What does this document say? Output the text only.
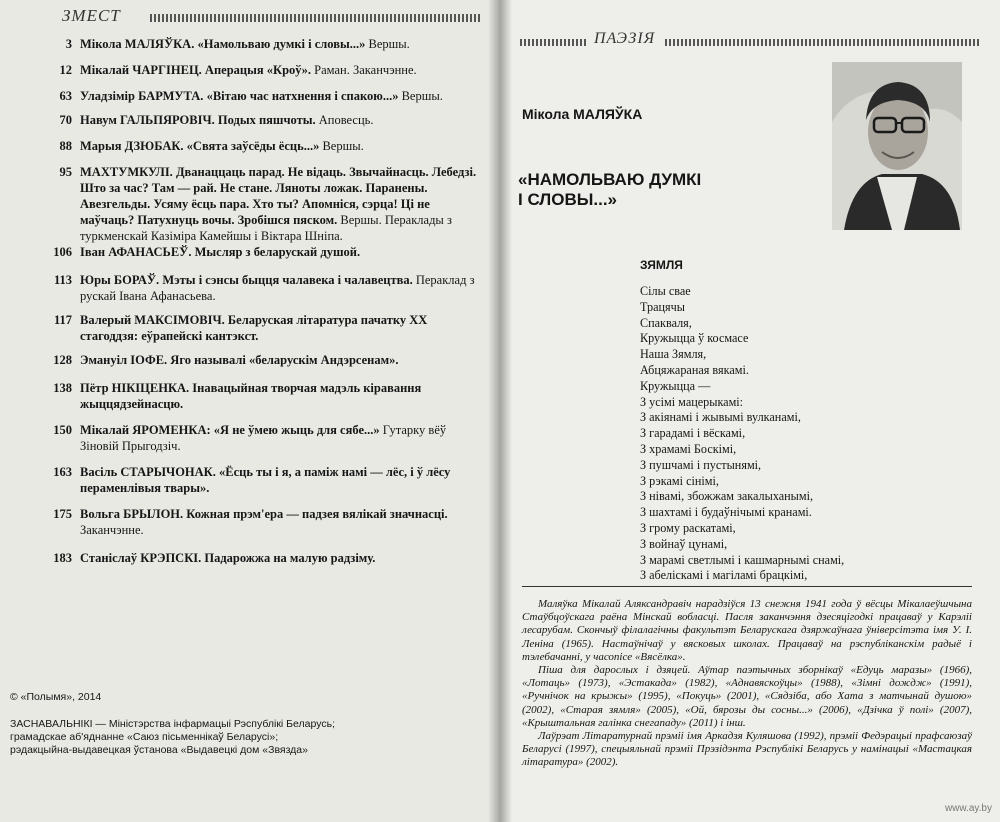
ЗМЕСТ
3 Мікола МАЛЯЎКА. «Намольваю думкі і словы...» Вершы.
12 Мікалай ЧАРГІНЕЦ. Аперацыя «Кроў». Раман. Заканчэнне.
63 Уладзімір БАРМУТА. «Вітаю час натхнення і спакою...» Вершы.
70 Навум ГАЛЬПЯРОВІЧ. Подых пяшчоты. Аповесць.
88 Марыя ДЗЮБАК. «Свята заўсёды ёсць...» Вершы.
95 МАХТУМКУЛІ. Дванаццаць парад. Не відаць. Звычайнасць. Лебедзі. Што за час? Там — рай. Не стане. Ляноты ложак. Паранены. Авезгельды. Усяму ёсць пара. Хто ты? Апомніся, сэрца! Ці не маўчаць? Патухнуць вочы. Зробішся пяском. Вершы. Пераклады з туркменскай Казіміра Камейшы і Віктара Шніпа.
106 Іван АФАНАСЬЕЎ. Мысляр з беларускай душой.
113 Юры БОРАЎ. Мэты і сэнсы быцця чалавека і чалавецтва. Пераклад з рускай Івана Афанасьева.
117 Валерый МАКСІМОВІЧ. Беларуская літаратура пачатку XX стагоддзя: еўрапейскі кантэкст.
128 Эмануіл ІОФЕ. Яго называлі «беларускім Андэрсенам».
138 Пётр НІКІЦЕНКА. Інавацыйная творчая мадэль кіравання жыццядзейнасцю.
150 Мікалай ЯРОМЕНКА: «Я не ўмею жыць для сябе...» Гутарку вёў Зіновій Прыгодзіч.
163 Васіль СТАРЫЧОНАК. «Ёсць ты і я, а паміж намі — лёс, і ў лёсу пераменлівыя твары».
175 Вольга БРЫЛОН. Кожная прэм'ера — падзея вялікай значнасці. Заканчэнне.
183 Станіслаў КРЭПСКІ. Падарожжа на малую радзіму.
© «Полымя», 2014
ЗАСНАВАЛЬНІКІ — Міністэрства інфармацыі Рэспублікі Беларусь;
грамадскае аб'яднанне «Саюз пісьменнікаў Беларусі»;
рэдакцыйна-выдавецкая ўстанова «Выдавецкі дом «Звязда»
ПАЭЗІЯ
Мікола МАЛЯЎКА
«НАМОЛЬВАЮ ДУМКІ
І СЛОВЫ...»
ЗЯМЛЯ
Сілы свае
Трацячы
Спакваля,
Кружыцца ў космасе
Наша Зямля,
Абцяжараная вякамі.
Кружыцца —
З усімі мацерыкамі:
З акіянамі і жывымі вулканамі,
З гарадамі і вёскамі,
З храмамі Боскімі,
З пушчамі і пустынямі,
З рэкамі сінімі,
З нівамі, збожжам закалыханымі,
З шахтамі і будаўнічымі кранамі.
З грому раскатамі,
З войнаў цунамі,
З марамі светлымі і кашмарнымі снамі,
З абеліскамі і магіламі брацкімі,

Маляўка Мікалай Аляксандравіч нарадзіўся 13 снежня 1941 года ў вёсцы Мікалаеўшчына Стаўбцоўскага раёна Мінскай вобласці. Пасля заканчэння дзесяцігодкі працаваў у Карэліі лесарубам. Скончыў філалагічны факультэт Беларускага дзяржаўнага ўніверсітэта імя У. І. Леніна (1965). Настаўнічаў у вясковых школах. Працаваў на рэспубліканскім радыё і тэлебачанні, у часопісе «Вясёлка».

Піша для дарослых і дзяцей. Аўтар паэтычных зборнікаў «Едуць маразы» (1966), «Лотаць» (1973), «Эстакада» (1982), «Аднавяскоўцы» (1988), «Зімні дождж» (1991), «Ручнічок на крыжы» (1995), «Покуць» (2001), «Сядзіба, або Хата з матчынай душою» (2002), «Старая зямля» (2005), «Ой, бярозы ды сосны...» (2006), «Дзічка ў полі» (2007), «Крыштальная галінка снегападу» (2011) і інш.

Лаўрэат Літаратурнай прэміі імя Аркадзя Куляшова (1992), прэміі Федэрацыі прафсаюзаў Беларусі (1997), спецыяльнай прэміі Прэзідэнта Рэспублікі Беларусь у намінацыі «Мастацкая літаратура» (2002).

www.ay.by
